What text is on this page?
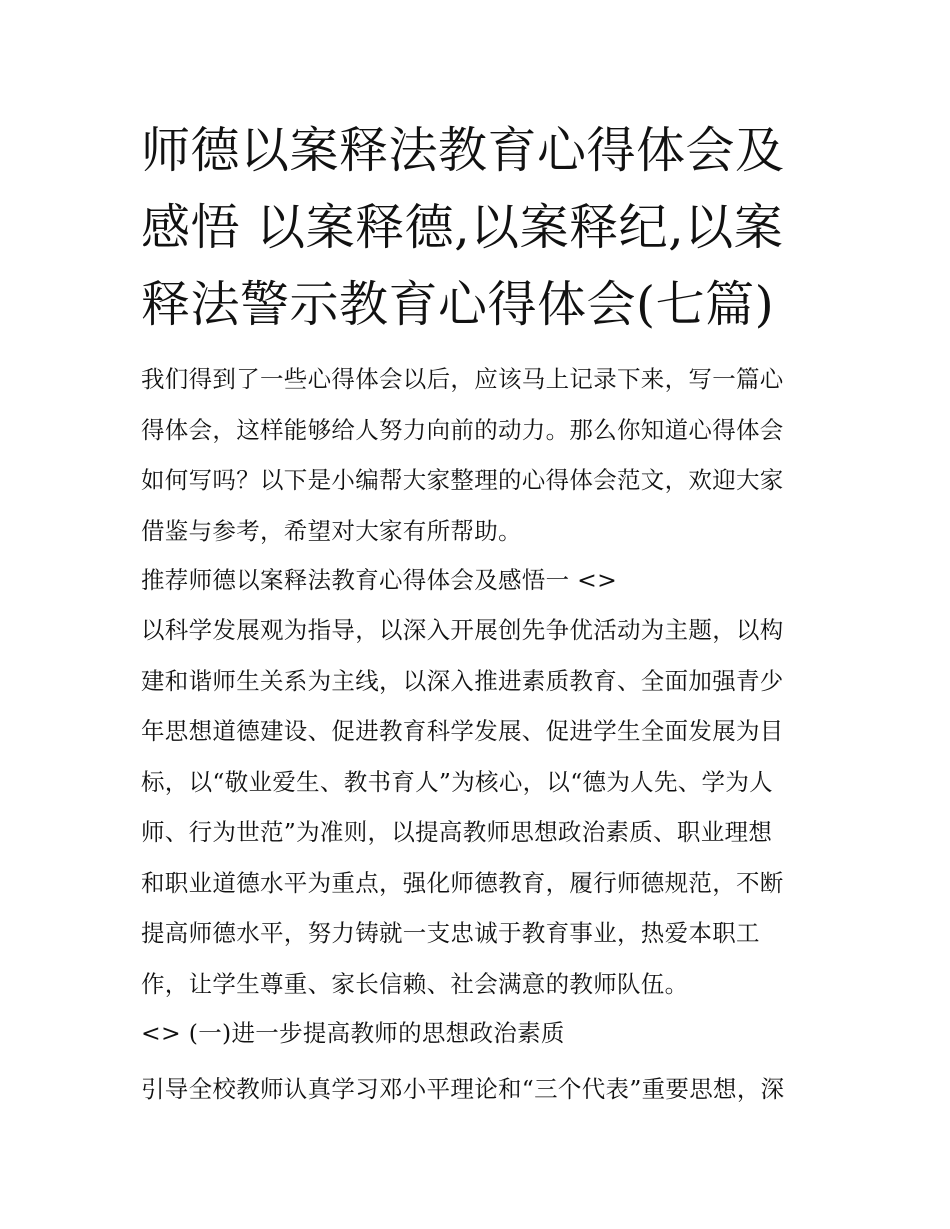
师德以案释法教育心得体会及
感悟 以案释德,以案释纪,以案
释法警示教育心得体会(七篇)
我们得到了一些心得体会以后，应该马上记录下来，写一篇心
得体会，这样能够给人努力向前的动力。那么你知道心得体会
如何写吗？以下是小编帮大家整理的心得体会范文，欢迎大家
借鉴与参考，希望对大家有所帮助。
推荐师德以案释法教育心得体会及感悟一 <>
以科学发展观为指导，以深入开展创先争优活动为主题，以构
建和谐师生关系为主线，以深入推进素质教育、全面加强青少
年思想道德建设、促进教育科学发展、促进学生全面发展为目
标，以“敬业爱生、教书育人”为核心，以“德为人先、学为人
师、行为世范”为准则，以提高教师思想政治素质、职业理想
和职业道德水平为重点，强化师德教育，履行师德规范，不断
提高师德水平，努力铸就一支忠诚于教育事业，热爱本职工
作，让学生尊重、家长信赖、社会满意的教师队伍。
<> (一)进一步提高教师的思想政治素质
引导全校教师认真学习邓小平理论和“三个代表”重要思想，深
